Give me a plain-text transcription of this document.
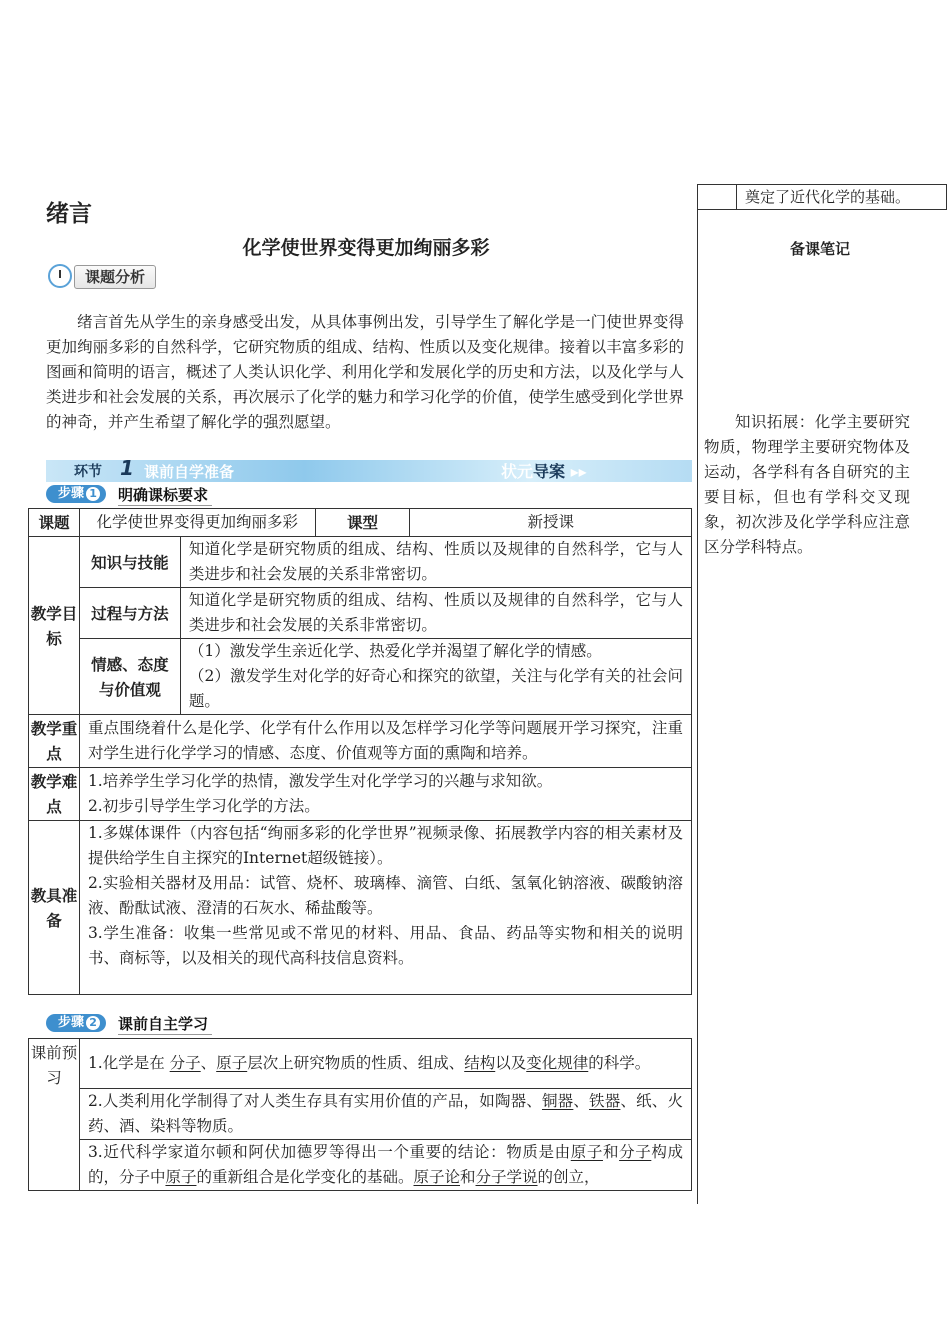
奠定了近代化学的基础。
绪言
化学使世界变得更加绚丽多彩	备课笔记
课题分析
绪言首先从学生的亲身感受出发，从具体事例出发，引导学生了解化学是一门使世界变得更加绚丽多彩的自然科学，它研究物质的组成、结构、性质以及变化规律。接着以丰富多彩的图画和简明的语言，概述了人类认识化学、利用化学和发展化学的历史和方法，以及化学与人类进步和社会发展的关系，再次展示了化学的魅力和学习化学的价值，使学生感受到化学世界的神奇，并产生希望了解化学的强烈愿望。	知识拓展：化学主要研究物质，物理学主要研究物体及运动，各学科有各自研究的主要目标，但也有学科交叉现象，初次涉及化学学科应注意区分学科特点。
环节 1 课前自学准备	状元导案 ▸▸
步骤 1	明确课标要求
课题	化学使世界变得更加绚丽多彩		课型	新授课
教学目标	知识与技能	知道化学是研究物质的组成、结构、性质以及规律的自然科学，它与人类进步和社会发展的关系非常密切。		
	过程与方法	知道化学是研究物质的组成、结构、性质以及规律的自然科学，它与人类进步和社会发展的关系非常密切。		
	情感、态度与价值观	（1）激发学生亲近化学、热爱化学并渴望了解化学的情感。
（2）激发学生对化学的好奇心和探究的欲望，关注与化学有关的社会问题。		

教学重点	重点围绕着什么是化学、化学有什么作用以及怎样学习化学等问题展开学习探究，注重对学生进行化学学习的情感、态度、价值观等方面的熏陶和培养。			
教学难点	1.培养学生学习化学的热情，激发学生对化学学习的兴趣与求知欲。
2.初步引导学生学习化学的方法。			

教具准备	1.多媒体课件（内容包括“绚丽多彩的化学世界”视频录像、拓展教学内容的相关素材及提供给学生自主探究的Internet超级链接）。
2.实验相关器材及用品：试管、烧杯、玻璃棒、滴管、白纸、氢氧化钠溶液、碳酸钠溶液、酚酞试液、澄清的石灰水、稀盐酸等。
3.学生准备：收集一些常见或不常见的材料、用品、食品、药品等实物和相关的说明书、商标等，以及相关的现代高科技信息资料。			
步骤 2	课前自主学习
课前预习	1.化学是在 分子、原子层次上研究物质的性质、组成、结构以及变化规律的科学。
2.人类利用化学制得了对人类生存具有实用价值的产品，如陶器、铜器、铁器、纸、火药、酒、染料等物质。
3.近代科学家道尔顿和阿伏加德罗等得出一个重要的结论：物质是由原子和分子构成的，分子中原子的重新组合是化学变化的基础。原子论和分子学说的创立，
